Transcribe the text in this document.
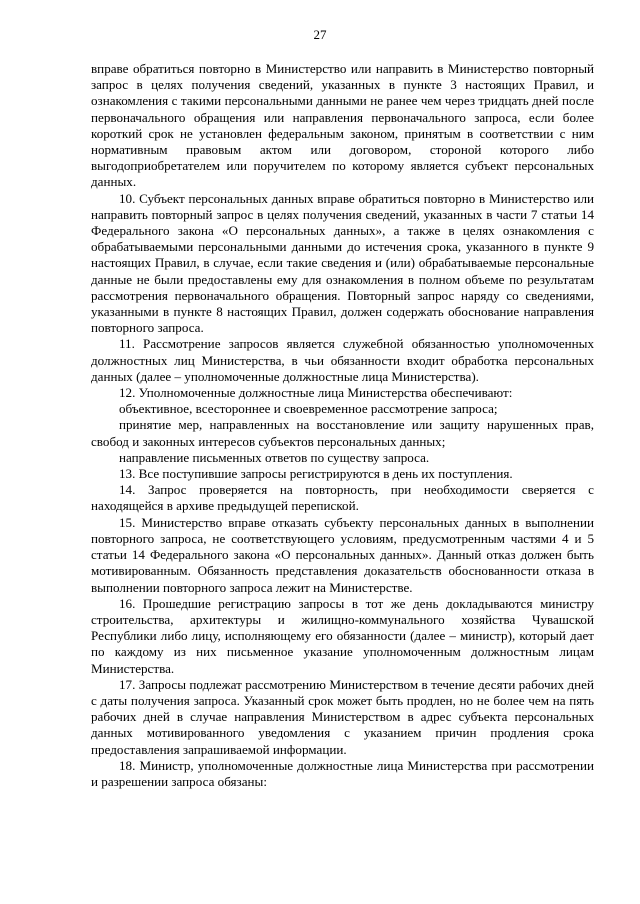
27

вправе обратиться повторно в Министерство или направить в Министерство повторный запрос в целях получения сведений, указанных в пункте 3 настоящих Правил, и ознакомления с такими персональными данными не ранее чем через тридцать дней после первоначального обращения или направления первоначального запроса, если более короткий срок не установлен федеральным законом, принятым в соответствии с ним нормативным правовым актом или договором, стороной которого либо выгодоприобретателем или поручителем по которому является субъект персональных данных.

10. Субъект персональных данных вправе обратиться повторно в Министерство или направить повторный запрос в целях получения сведений, указанных в части 7 статьи 14 Федерального закона «О персональных данных», а также в целях ознакомления с обрабатываемыми персональными данными до истечения срока, указанного в пункте 9 настоящих Правил, в случае, если такие сведения и (или) обрабатываемые персональные данные не были предоставлены ему для ознакомления в полном объеме по результатам рассмотрения первоначального обращения. Повторный запрос наряду со сведениями, указанными в пункте 8 настоящих Правил, должен содержать обоснование направления повторного запроса.

11. Рассмотрение запросов является служебной обязанностью уполномоченных должностных лиц Министерства, в чьи обязанности входит обработка персональных данных (далее – уполномоченные должностные лица Министерства).

12. Уполномоченные должностные лица Министерства обеспечивают:

объективное, всестороннее и своевременное рассмотрение запроса;

принятие мер, направленных на восстановление или защиту нарушенных прав, свобод и законных интересов субъектов персональных данных;

направление письменных ответов по существу запроса.

13. Все поступившие запросы регистрируются в день их поступления.

14. Запрос проверяется на повторность, при необходимости сверяется с находящейся в архиве предыдущей перепиской.

15. Министерство вправе отказать субъекту персональных данных в выполнении повторного запроса, не соответствующего условиям, предусмотренным частями 4 и 5 статьи 14 Федерального закона «О персональных данных». Данный отказ должен быть мотивированным. Обязанность представления доказательств обоснованности отказа в выполнении повторного запроса лежит на Министерстве.

16. Прошедшие регистрацию запросы в тот же день докладываются министру строительства, архитектуры и жилищно-коммунального хозяйства Чувашской Республики либо лицу, исполняющему его обязанности (далее – министр), который дает по каждому из них письменное указание уполномоченным должностным лицам Министерства.

17. Запросы подлежат рассмотрению Министерством в течение десяти рабочих дней с даты получения запроса. Указанный срок может быть продлен, но не более чем на пять рабочих дней в случае направления Министерством в адрес субъекта персональных данных мотивированного уведомления с указанием причин продления срока предоставления запрашиваемой информации.

18. Министр, уполномоченные должностные лица Министерства при рассмотрении и разрешении запроса обязаны:
